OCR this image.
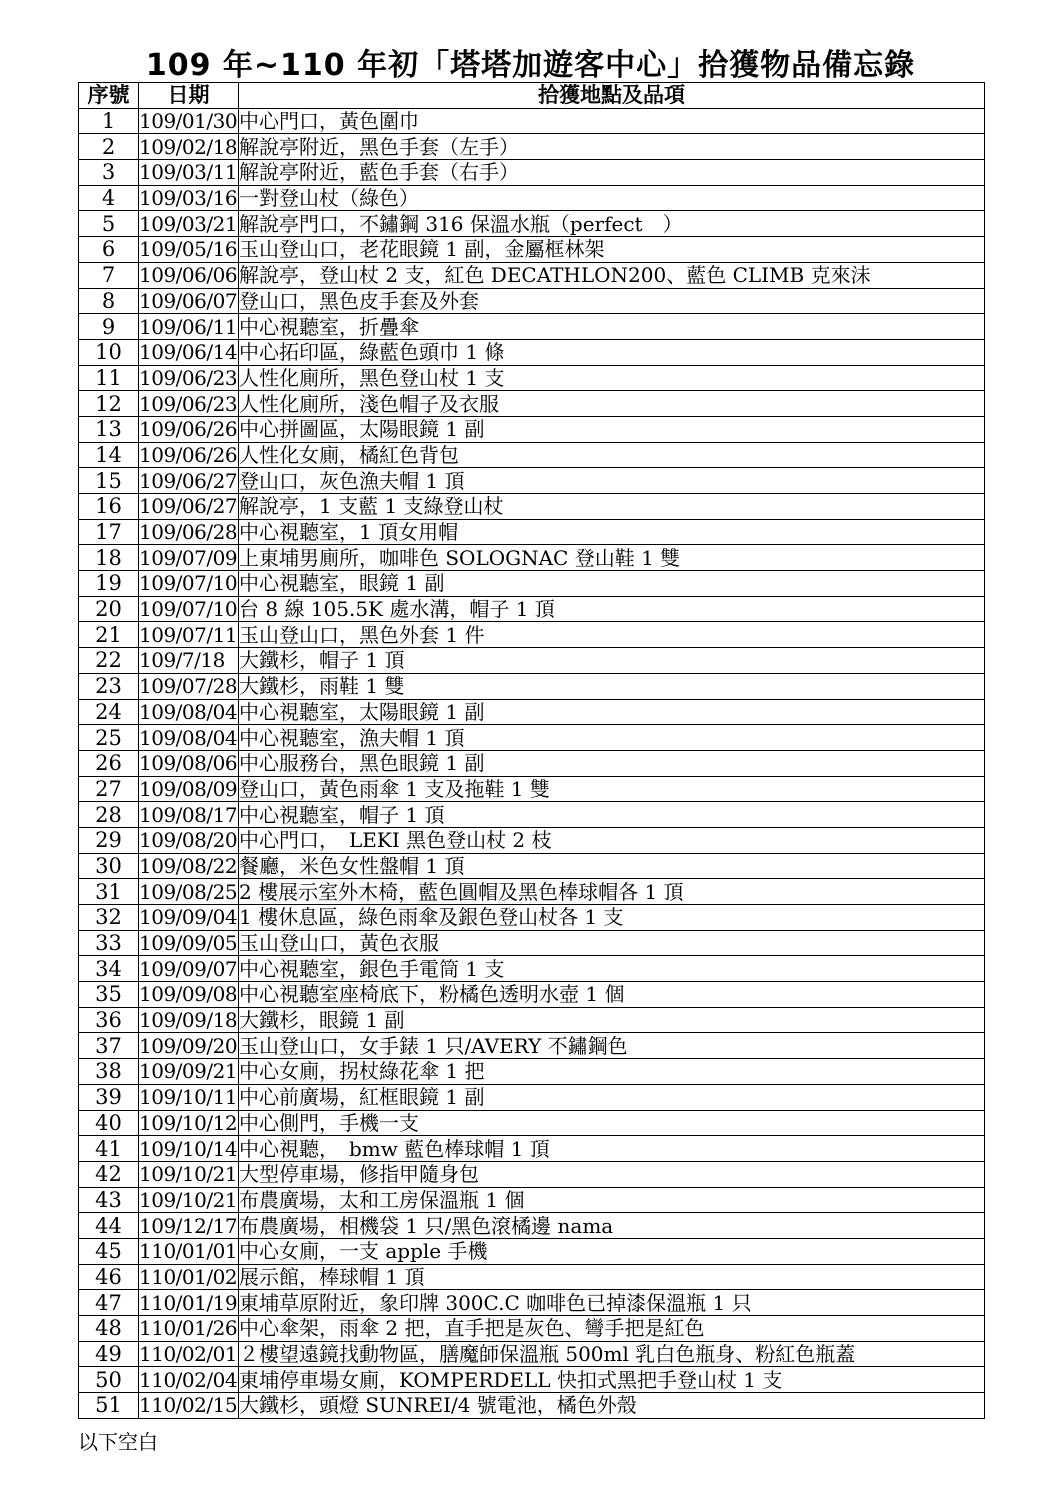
109 年~110 年初「塔塔加遊客中心」拾獲物品備忘錄
序號	日期	拾獲地點及品項
1	109/01/30	中心門口，黃色圍巾
2	109/02/18	解說亭附近，黑色手套（左手）
3	109/03/11	解說亭附近，藍色手套（右手）
4	109/03/16	一對登山杖（綠色）
5	109/03/21	解說亭門口，不鏽鋼 316 保溫水瓶（perfect　）
6	109/05/16	玉山登山口，老花眼鏡 1 副，金屬框林架
7	109/06/06	解說亭，登山杖 2 支，紅色 DECATHLON200、藍色 CLIMB 克來沬
8	109/06/07	登山口，黑色皮手套及外套
9	109/06/11	中心視聽室，折疊傘
10	109/06/14	中心拓印區，綠藍色頭巾 1 條
11	109/06/23	人性化廁所，黑色登山杖 1 支
12	109/06/23	人性化廁所，淺色帽子及衣服
13	109/06/26	中心拼圖區，太陽眼鏡 1 副
14	109/06/26	人性化女廁，橘紅色背包
15	109/06/27	登山口，灰色漁夫帽 1 頂
16	109/06/27	解說亭，1 支藍 1 支綠登山杖
17	109/06/28	中心視聽室，1 頂女用帽
18	109/07/09	上東埔男廁所，咖啡色 SOLOGNAC 登山鞋 1 雙
19	109/07/10	中心視聽室，眼鏡 1 副
20	109/07/10	台 8 線 105.5K 處水溝，帽子 1 頂
21	109/07/11	玉山登山口，黑色外套 1 件
22	109/7/18	大鐵杉，帽子 1 頂
23	109/07/28	大鐵杉，雨鞋 1 雙
24	109/08/04	中心視聽室，太陽眼鏡 1 副
25	109/08/04	中心視聽室，漁夫帽 1 頂
26	109/08/06	中心服務台，黑色眼鏡 1 副
27	109/08/09	登山口，黃色雨傘 1 支及拖鞋 1 雙
28	109/08/17	中心視聽室，帽子 1 頂
29	109/08/20	中心門口，　LEKI 黑色登山杖 2 枝
30	109/08/22	餐廳，米色女性盤帽 1 頂
31	109/08/25	2 樓展示室外木椅，藍色圓帽及黑色棒球帽各 1 頂
32	109/09/04	1 樓休息區，綠色雨傘及銀色登山杖各 1 支
33	109/09/05	玉山登山口，黃色衣服
34	109/09/07	中心視聽室，銀色手電筒 1 支
35	109/09/08	中心視聽室座椅底下，粉橘色透明水壺 1 個
36	109/09/18	大鐵杉，眼鏡 1 副
37	109/09/20	玉山登山口，女手錶 1 只/AVERY 不鏽鋼色
38	109/09/21	中心女廁，拐杖綠花傘 1 把
39	109/10/11	中心前廣場，紅框眼鏡 1 副
40	109/10/12	中心側門，手機一支
41	109/10/14	中心視聽，　bmw 藍色棒球帽 1 頂
42	109/10/21	大型停車場，修指甲隨身包
43	109/10/21	布農廣場，太和工房保溫瓶 1 個
44	109/12/17	布農廣場，相機袋 1 只/黑色滾橘邊 nama
45	110/01/01	中心女廁，一支 apple 手機
46	110/01/02	展示館，棒球帽 1 頂
47	110/01/19	東埔草原附近，象印牌 300C.C 咖啡色已掉漆保溫瓶 1 只
48	110/01/26	中心傘架，雨傘 2 把，直手把是灰色、彎手把是紅色
49	110/02/01	２樓望遠鏡找動物區，膳魔師保溫瓶 500ml 乳白色瓶身、粉紅色瓶蓋
50	110/02/04	東埔停車場女廁，KOMPERDELL 快扣式黑把手登山杖 1 支
51	110/02/15	大鐵杉，頭燈 SUNREI/4 號電池，橘色外殼
以下空白
